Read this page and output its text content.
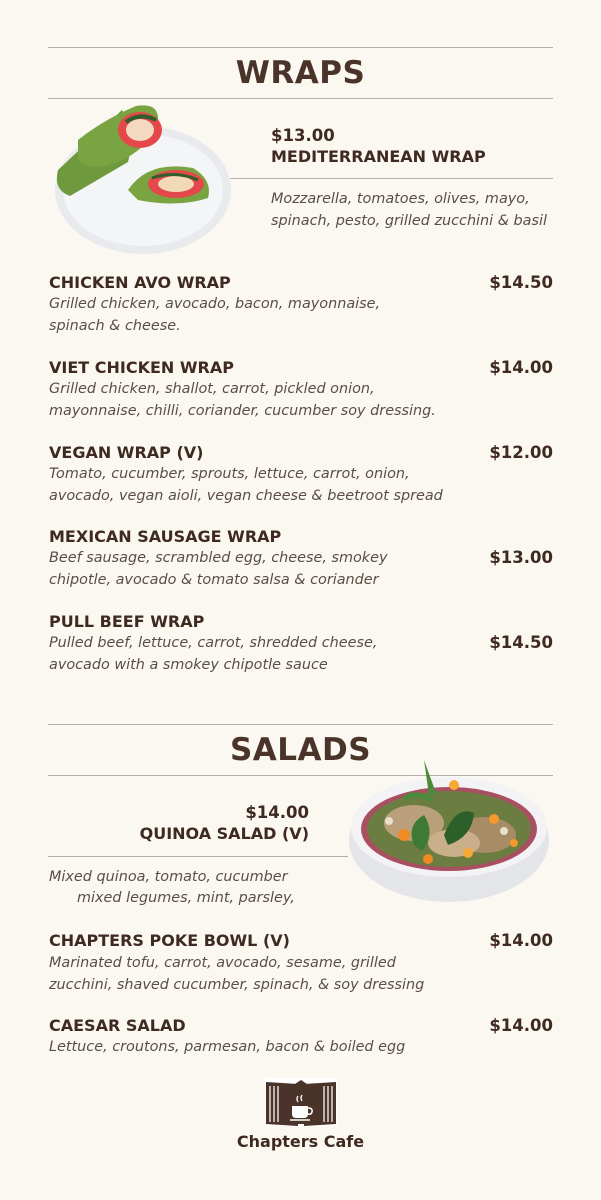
WRAPS
$13.00
MEDITERRANEAN WRAP
Mozzarella, tomatoes, olives, mayo,
spinach, pesto, grilled zucchini & basil
CHICKEN AVO WRAP	$14.50
Grilled chicken, avocado, bacon, mayonnaise,
spinach & cheese.
VIET CHICKEN WRAP	$14.00
Grilled chicken, shallot, carrot, pickled onion,
mayonnaise, chilli, coriander, cucumber soy dressing.
VEGAN WRAP (V)	$12.00
Tomato, cucumber, sprouts, lettuce, carrot, onion,
avocado, vegan aioli, vegan cheese & beetroot spread
MEXICAN SAUSAGE WRAP
$13.00
Beef sausage, scrambled egg, cheese, smokey
chipotle, avocado & tomato salsa & coriander
PULL BEEF WRAP
$14.50
Pulled beef, lettuce, carrot, shredded cheese,
avocado with a smokey chipotle sauce
SALADS
$14.00
QUINOA SALAD (V)
Mixed quinoa, tomato, cucumber
mixed legumes, mint, parsley,
CHAPTERS POKE BOWL (V)	$14.00
Marinated tofu, carrot, avocado, sesame, grilled
zucchini, shaved cucumber, spinach, & soy dressing
CAESAR SALAD	$14.00
Lettuce, croutons, parmesan, bacon & boiled egg
Chapters Cafe
